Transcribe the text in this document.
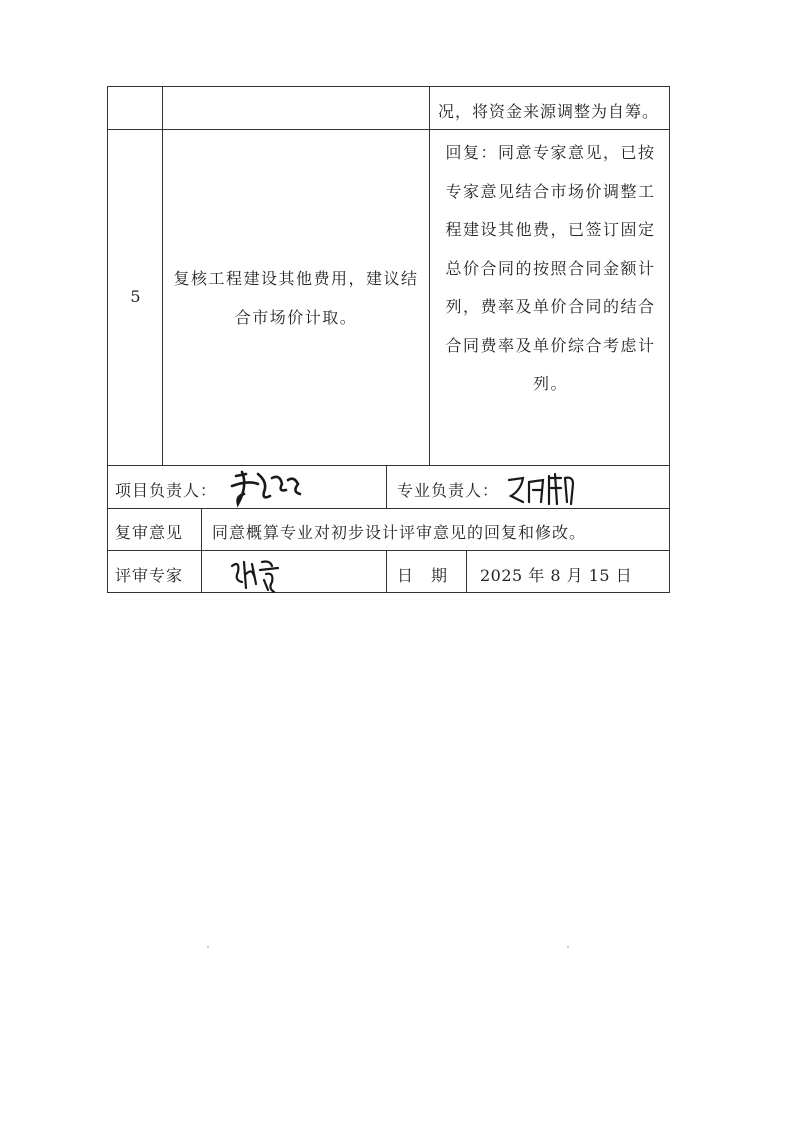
况，将资金来源调整为自筹。
5
复核工程建设其他费用，建议结
合市场价计取。
回复：同意专家意见，已按
专家意见结合市场价调整工
程建设其他费，已签订固定
总价合同的按照合同金额计
列，费率及单价合同的结合
合同费率及单价综合考虑计
列。
项目负责人：	专业负责人：
复审意见 同意概算专业对初步设计评审意见的回复和修改。
评审专家	日　期 2025 年 8 月 15 日
